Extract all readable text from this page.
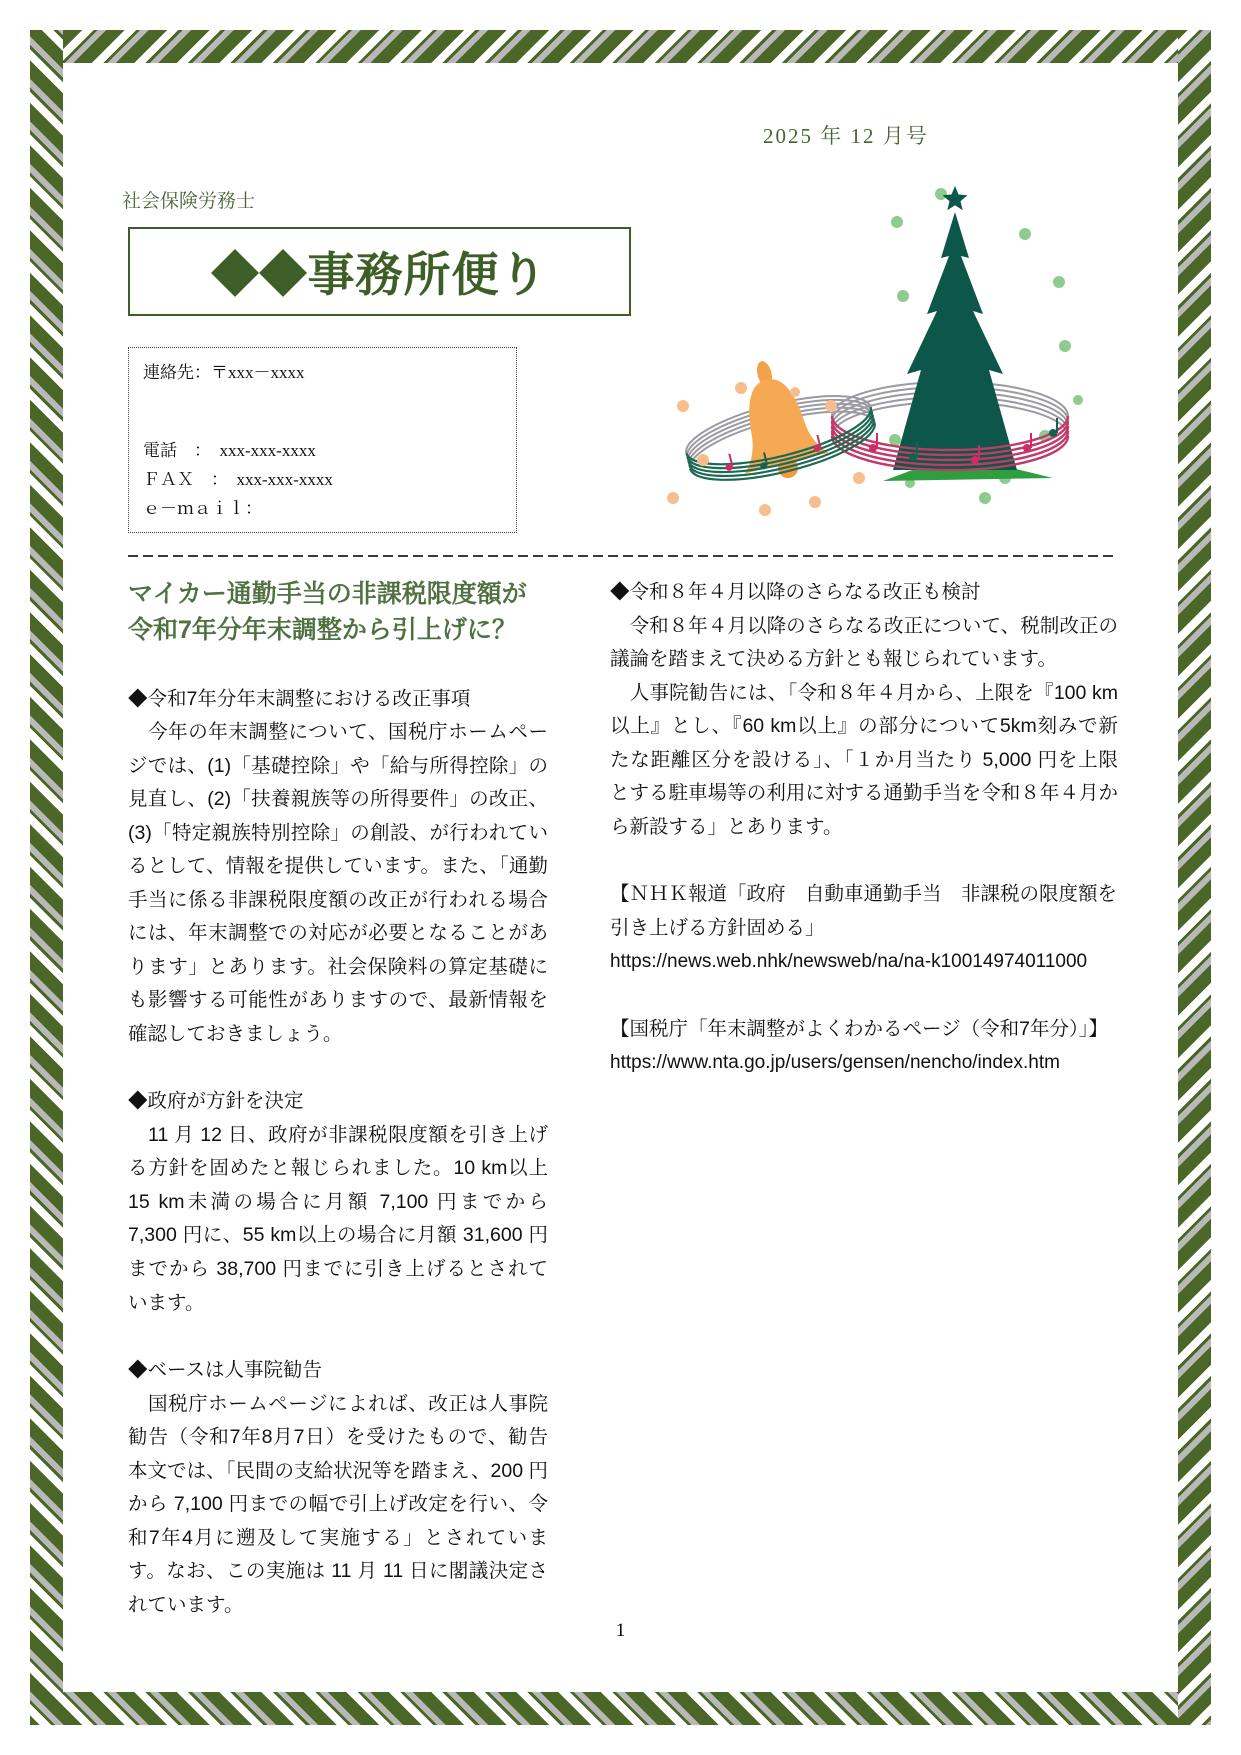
2025 年 12 月号
社会保険労務士
◆◆事務所便り
連絡先：〒xxx－xxxx
電話　：　xxx-xxx-xxxx
ＦＡＸ　：　xxx-xxx-xxxx
ｅ－ｍａｉｌ：
マイカー通勤手当の非課税限度額が
令和7年分年末調整から引上げに？
◆令和7年分年末調整における改正事項

　今年の年末調整について、国税庁ホームページでは、(1)「基礎控除」や「給与所得控除」の見直し、(2)「扶養親族等の所得要件」の改正、(3)「特定親族特別控除」の創設、が行われているとして、情報を提供しています。また、「通勤手当に係る非課税限度額の改正が行われる場合には、年末調整での対応が必要となることがあります」とあります。社会保険料の算定基礎にも影響する可能性がありますので、最新情報を確認しておきましょう。

◆政府が方針を決定

　11 月 12 日、政府が非課税限度額を引き上げる方針を固めたと報じられました。10 km以上15 km未満の場合に月額 7,100 円までから 7,300 円に、55 km以上の場合に月額 31,600 円までから 38,700 円までに引き上げるとされています。

◆ベースは人事院勧告

　国税庁ホームページによれば、改正は人事院勧告（令和7年8月7日）を受けたもので、勧告本文では、「民間の支給状況等を踏まえ、200 円から 7,100 円までの幅で引上げ改定を行い、令和7年4月に遡及して実施する」とされています。なお、この実施は 11 月 11 日に閣議決定されています。

◆令和８年４月以降のさらなる改正も検討

　令和８年４月以降のさらなる改正について、税制改正の議論を踏まえて決める方針とも報じられています。

　人事院勧告には、「令和８年４月から、上限を『100 km以上』とし、『60 km以上』の部分について5km刻みで新たな距離区分を設ける」、「１か月当たり 5,000 円を上限とする駐車場等の利用に対する通勤手当を令和８年４月から新設する」とあります。

【ＮＨＫ報道「政府　自動車通勤手当　非課税の限度額を引き上げる方針固める」

https://news.web.nhk/newsweb/na/na-k10014974011000

【国税庁「年末調整がよくわかるページ（令和7年分）」】

https://www.nta.go.jp/users/gensen/nencho/index.htm

1
